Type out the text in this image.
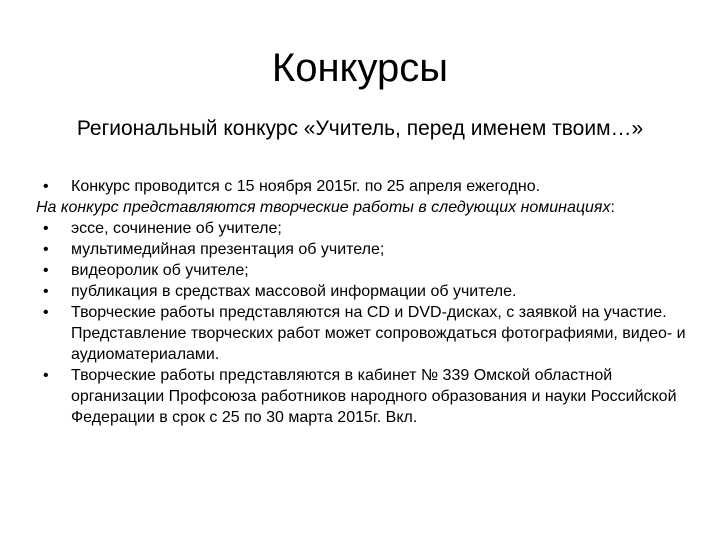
Конкурсы
Региональный конкурс «Учитель, перед именем твоим…»
• Конкурс проводится с 15 ноября 2015г. по 25 апреля ежегодно.
На конкурс представляются творческие работы в следующих номинациях:
• эссе, сочинение об учителе;
• мультимедийная презентация об учителе;
• видеоролик об учителе;
• публикация в средствах массовой информации об учителе.
• Творческие работы представляются на CD и DVD-дисках, с заявкой на участие. Представление творческих работ может сопровождаться фотографиями, видео- и аудиоматериалами.
• Творческие работы представляются в кабинет № 339 Омской областной организации Профсоюза работников народного образования и науки Российской Федерации в срок с 25 по 30 марта 2015г. Вкл.
